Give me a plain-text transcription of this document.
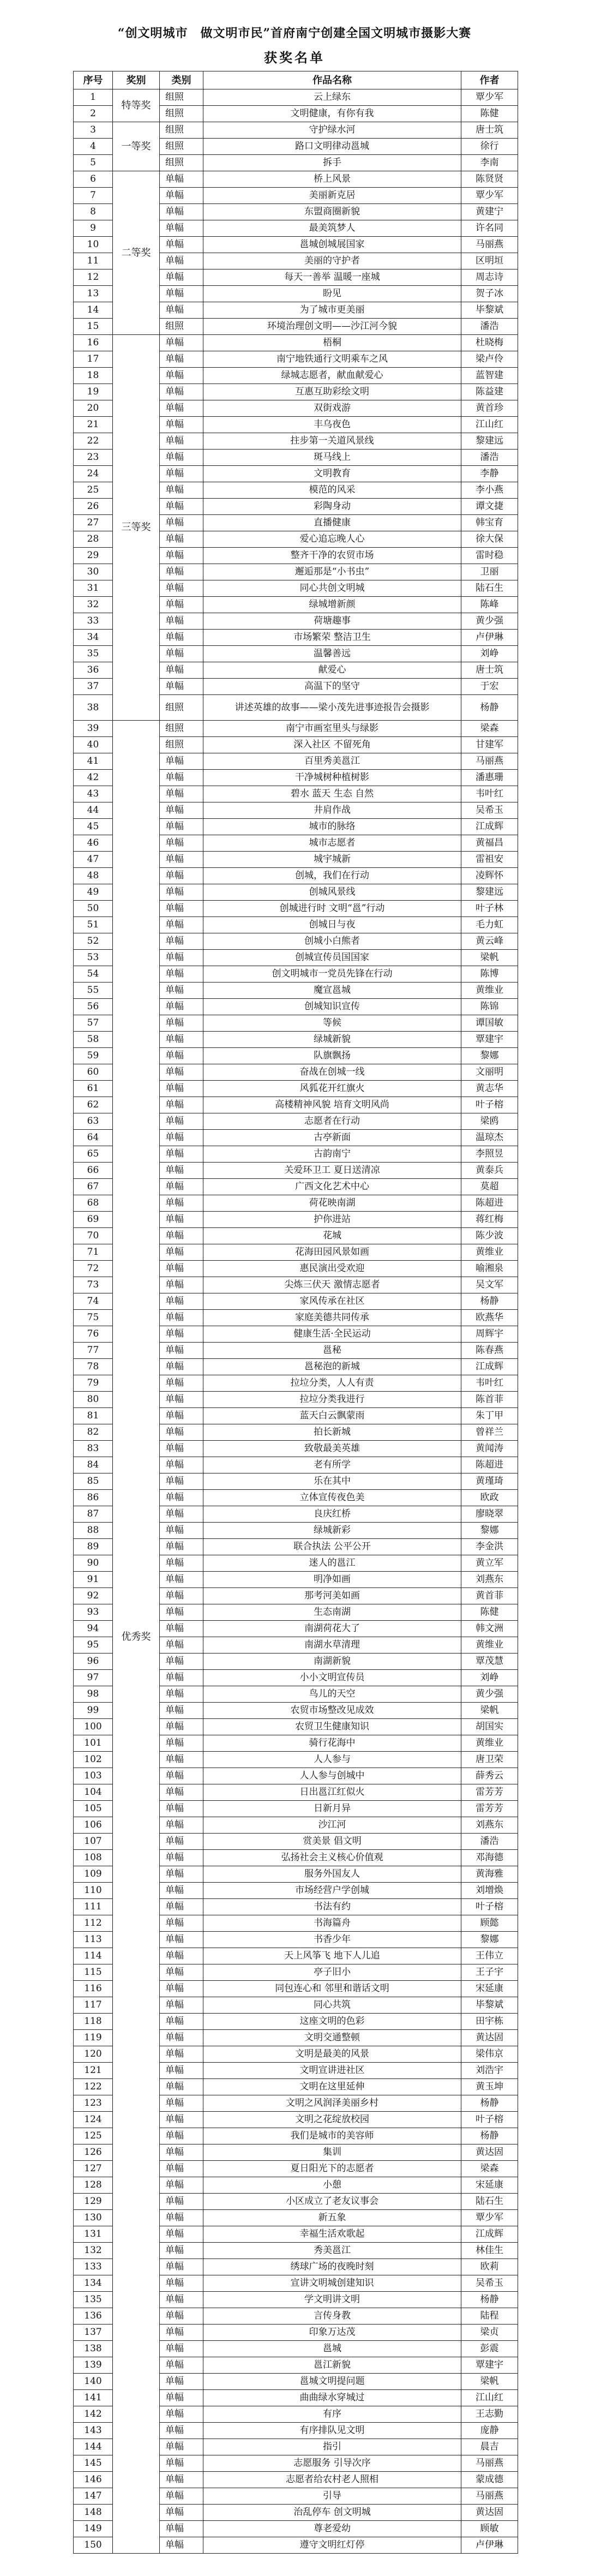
“创文明城市　做文明市民”首府南宁创建全国文明城市摄影大赛
获奖名单
序号	奖别	类别	作品名称	作者
1	特等奖	组照	云上绿东	覃少军
2		组照	文明健康，有你有我	陈健
3	一等奖	组照	守护绿水河	唐士筑
4		组照	路口文明律动邕城	徐行
5		组照	拆手	李南
6	二等奖	单幅	桥上风景	陈贤贤
7		单幅	美丽新克居	覃少军
8		单幅	东盟商圈新貌	黄建宁
9		单幅	最美筑梦人	许名同
10		单幅	邕城创城展国家	马丽燕
11		单幅	美丽的守护者	区明垣
12		单幅	每天一善举 温暖一座城	周志诗
13		单幅	盼见	贺子冰
14		单幅	为了城市更美丽	毕黎斌
15		组照	环境治理创文明——沙江河今貌	潘浩
16	三等奖	单幅	梧桐	杜晓梅
17		单幅	南宁地铁通行文明乘车之风	梁卢伶
18		单幅	绿城志愿者，献血献爱心	蓝智建
19		单幅	互惠互助彩绘文明	陈益建
20		单幅	双街戏游	黄首珍
21		单幅	丰乌夜色	江山红
22		单幅	拄步第一关道风景线	黎建远
23		单幅	斑马线上	潘浩
24		单幅	文明教育	李静
25		单幅	模范的风采	李小燕
26		单幅	彩陶身动	谭文捷
27		单幅	直播健康	韩宝育
28		单幅	爱心追忘晚人心	徐大保
29		单幅	整齐干净的农贸市场	雷时稳
30		单幅	邂逅那是“小书虫”	卫丽
31		单幅	同心共创文明城	陆石生
32		单幅	绿城增新颜	陈峰
33		单幅	荷塘趣事	黄少强
34		单幅	市场繁荣 整洁卫生	卢伊琳
35		单幅	温馨善远	刘峥
36		单幅	献爱心	唐士筑
37		单幅	高温下的坚守	于宏
38		组照	讲述英雄的故事——梁小茂先进事迹报告会摄影	杨静
39	优秀奖	组照	南宁市画室里头与绿影	梁森
40		组照	深入社区 不留死角	甘建军
41		单幅	百里秀美邕江	马丽燕
42		单幅	干净城树种植树影	潘惠珊
43		单幅	碧水 蓝天 生态 自然	韦叶红
44		单幅	井肩作战	吴希玉
45		单幅	城市的脉络	江成辉
46		单幅	城市志愿者	黄福昌
47		单幅	城宇城新	雷祖安
48		单幅	创城，我们在行动	凌辉怀
49		单幅	创城风景线	黎建远
50		单幅	创城进行时 文明“邕”行动	叶子林
51		单幅	创城日与夜	毛力虹
52		单幅	创城小白熊者	黄云峰
53		单幅	创城宣传员国国家	梁帆
54		单幅	创文明城市一党员先锋在行动	陈博
55		单幅	魔宣邕城	黄维业
56		单幅	创城知识宣传	陈锦
57		单幅	等候	谭国敏
58		单幅	绿城新貌	覃建宇
59		单幅	队旗飘扬	黎娜
60		单幅	奋战在创城一线	文丽明
61		单幅	风狐花开红旗火	黄志华
62		单幅	高楼精神风貌 培育文明风尚	叶子榕
63		单幅	志愿者在行动	梁鸥
64		单幅	古亭新面	温琼杰
65		单幅	古韵南宁	李照昱
66		单幅	关爱环卫工 夏日送清凉	黄泰兵
67		单幅	广西文化艺术中心	莫超
68		单幅	荷花映南湖	陈超进
69		单幅	护你进站	蒋红梅
70		单幅	花城	陈少波
71		单幅	花海田园风景如画	黄维业
72		单幅	惠民演出受欢迎	喻湘泉
73		单幅	尖炼三伏天 激情志愿者	吴文军
74		单幅	家风传承在社区	杨静
75		单幅	家庭美德共同传承	欧燕华
76		单幅	健康生活·全民运动	周辉宇
77		单幅	邕秘	陈春燕
78		单幅	邕秘泡的新城	江成辉
79		单幅	拉垃分类，人人有责	韦叶红
80		单幅	拉垃分类我进行	陈首菲
81		单幅	蓝天白云飘蒙雨	朱丁甲
82		单幅	拍长新城	曾祥兰
83		单幅	致敬最美英雄	黄闻涛
84		单幅	老有所学	陈超进
85		单幅	乐在其中	黄瑾琦
86		单幅	立体宣传夜色美	欧政
87		单幅	良庆红桥	廖晓翠
88		单幅	绿城新彩	黎娜
89		单幅	联合执法 公平公开	李金洪
90		单幅	迷人的邕江	黄立军
91		单幅	明净如画	刘燕东
92		单幅	那考河美如画	黄首菲
93		单幅	生态南湖	陈健
94		单幅	南湖荷花大了	韩文洲
95		单幅	南湖水草清理	黄维业
96		单幅	南湖新貌	覃茂慧
97		单幅	小小文明宣传员	刘峥
98		单幅	鸟儿的天空	黄少强
99		单幅	农贸市场整改见成效	梁帆
100		单幅	农贸卫生健康知识	胡国实
101		单幅	骑行花海中	黄维业
102		单幅	人人参与	唐卫荣
103		单幅	人人参与创城中	薛秀云
104		单幅	日出邕江红似火	雷芳芳
105		单幅	日新月异	雷芳芳
106		单幅	沙江河	刘燕东
107		单幅	赏美景 倡文明	潘浩
108		单幅	弘扬社会主义核心价值观	邓海德
109		单幅	服务外国友人	黄海雅
110		单幅	市场经营户学创城	刘增焕
111		单幅	书法有约	叶子榕
112		单幅	书海篇舟	顾懿
113		单幅	书香少年	黎娜
114		单幅	天上风筝飞 地下人儿追	王伟立
115		单幅	亭子旧小	王子宇
116		单幅	同包连心和 邻里和谐话文明	宋延康
117		单幅	同心共筑	毕黎斌
118		单幅	这座文明的色彩	田宇栋
119		单幅	文明交通整顿	黄达固
120		单幅	文明是最美的风景	梁伟京
121		单幅	文明宣讲进社区	刘浩宇
122		单幅	文明在这里延伸	黄玉坤
123		单幅	文明之风润泽美丽乡村	杨静
124		单幅	文明之花绽放校园	叶子榕
125		单幅	我们是城市的美容师	杨静
126		单幅	集训	黄达固
127		单幅	夏日阳光下的志愿者	梁森
128		单幅	小憩	宋延康
129		单幅	小区成立了老友议事会	陆石生
130		单幅	新五象	覃少军
131		单幅	幸福生活欢歌起	江成辉
132		单幅	秀美邕江	林佳生
133		单幅	绣球广场的夜晚时刻	欧莉
134		单幅	宣讲文明城创建知识	吴希玉
135		单幅	学文明讲文明	杨静
136		单幅	言传身教	陆程
137		单幅	印象万达茂	梁贞
138		单幅	邕城	彭震
139		单幅	邕江新貌	覃建宇
140		单幅	邕城文明提问题	梁帆
141		单幅	曲曲绿水穿城过	江山红
142		单幅	有序	王志勤
143		单幅	有序排队见文明	庞静
144		单幅	指引	晨吉
145		单幅	志愿服务 引导次序	马丽燕
146		单幅	志愿者给农村老人照相	蒙成德
147		单幅	引导	马丽燕
148		单幅	治乱停车 创文明城	黄达固
149		单幅	尊老爱幼	顾敏
150		单幅	遵守文明红灯停	卢伊琳
